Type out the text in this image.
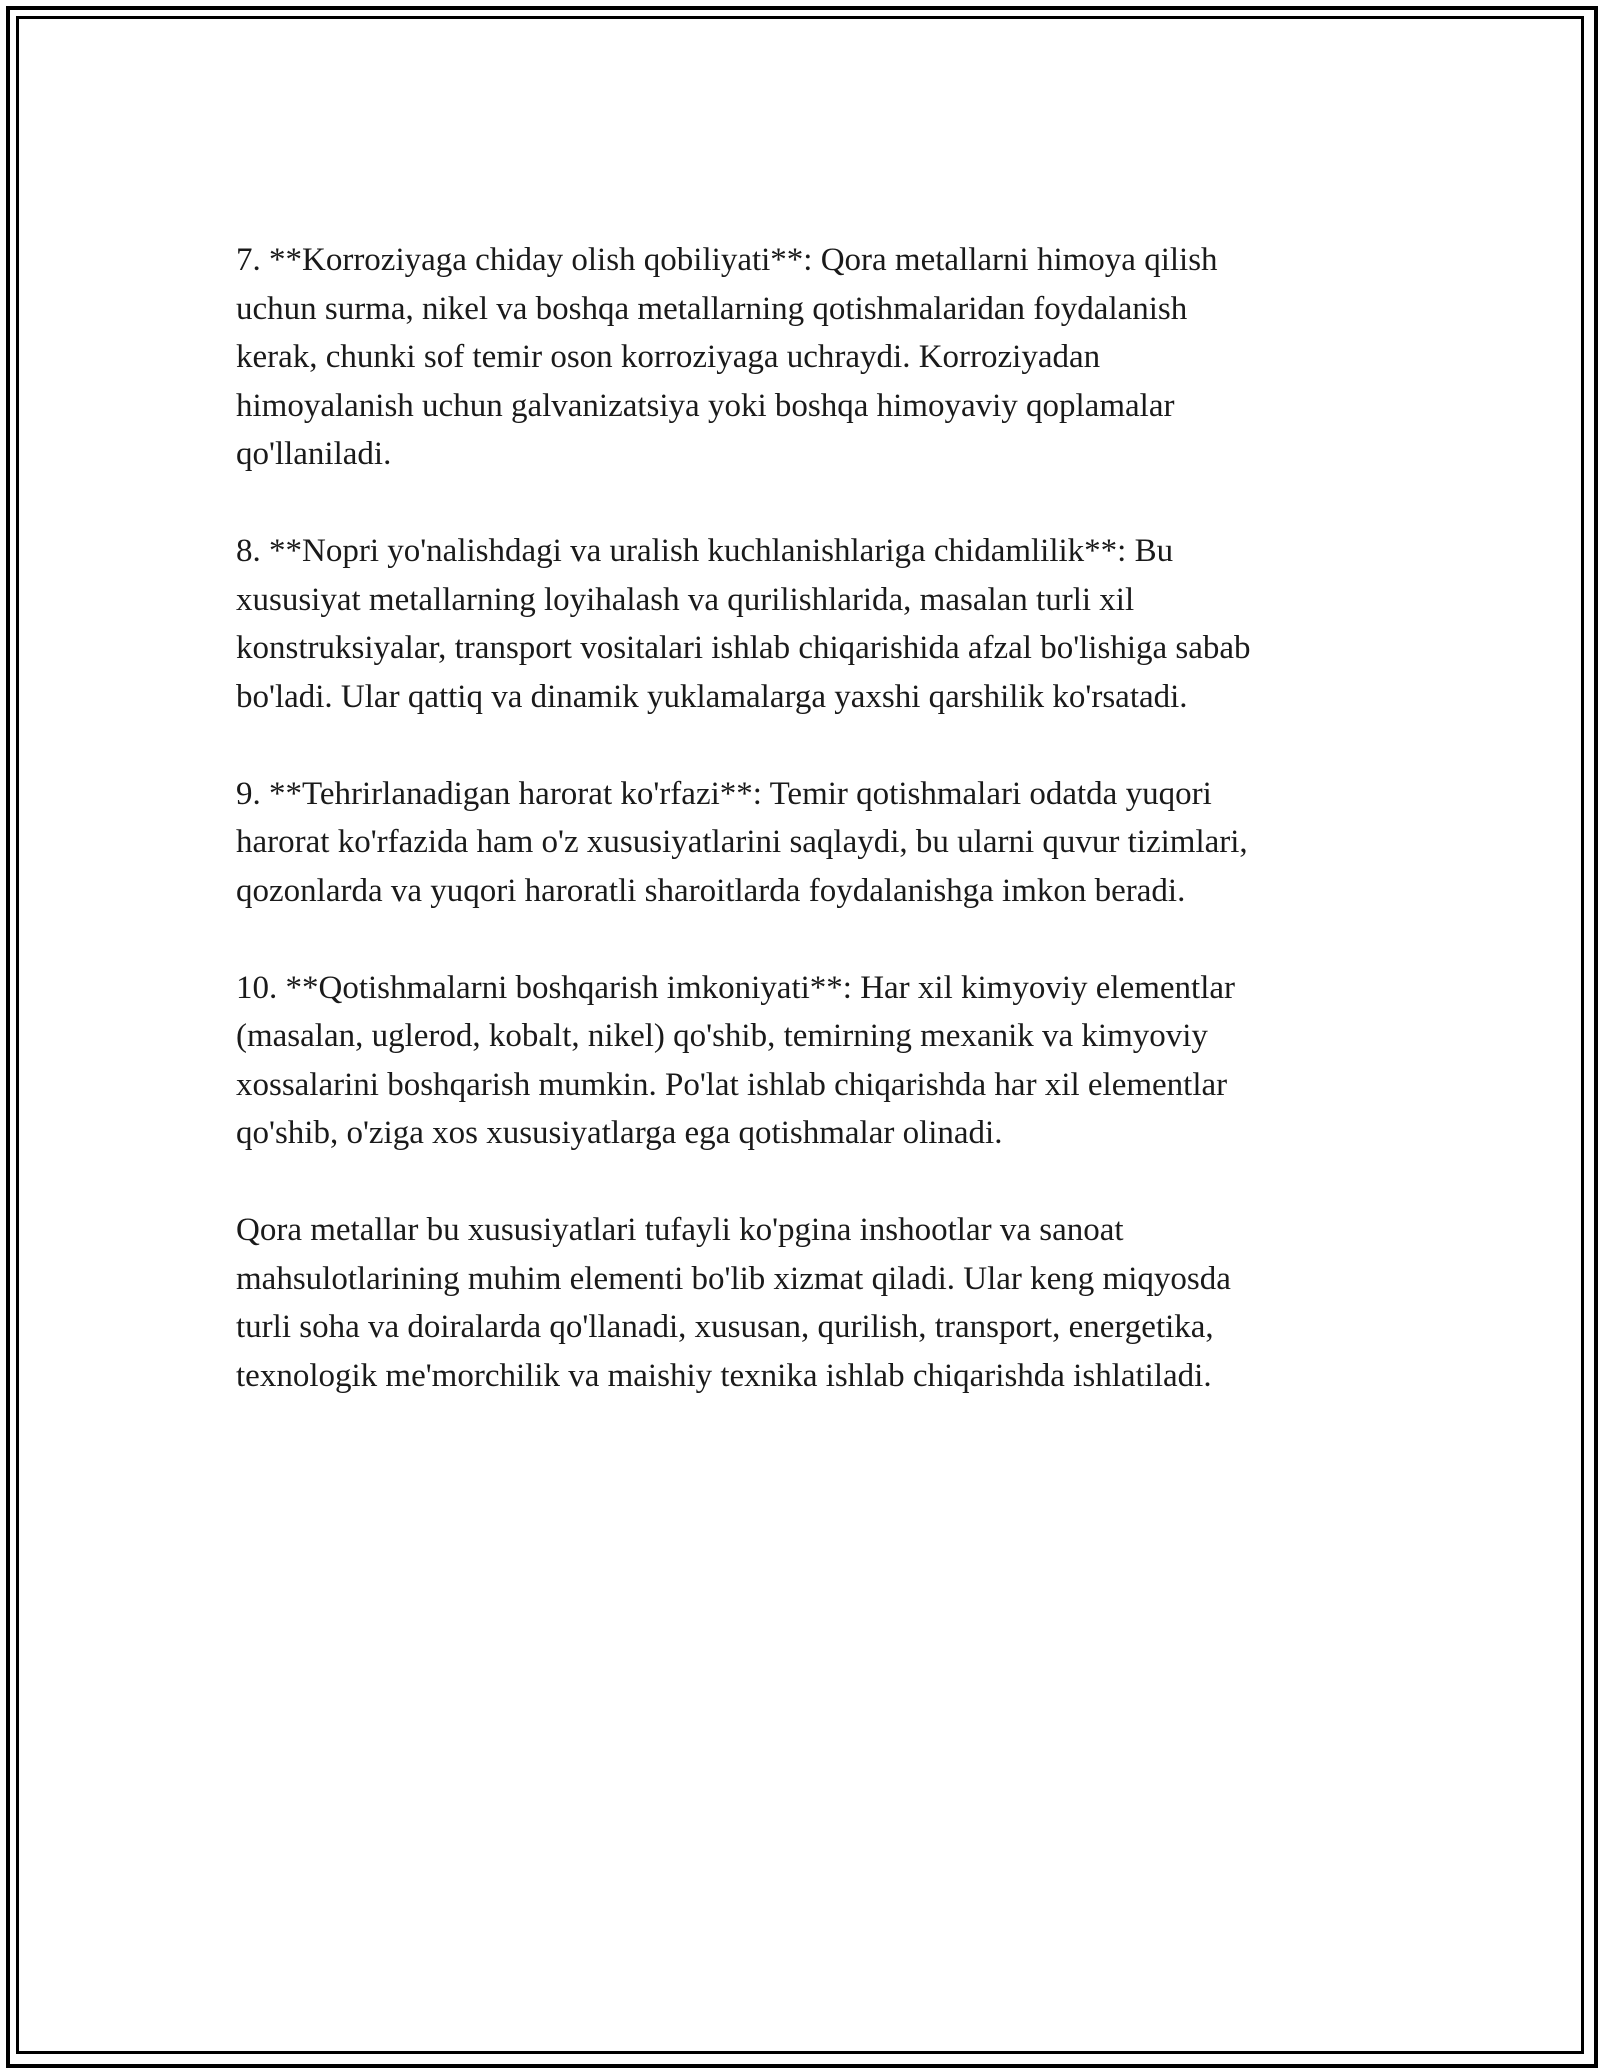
7. **Korroziyaga chiday olish qobiliyati**: Qora metallarni himoya qilish
uchun surma, nikel va boshqa metallarning qotishmalaridan foydalanish
kerak, chunki sof temir oson korroziyaga uchraydi. Korroziyadan
himoyalanish uchun galvanizatsiya yoki boshqa himoyaviy qoplamalar
qo'llaniladi.

8. **Nopri yo'nalishdagi va uralish kuchlanishlariga chidamlilik**: Bu
xususiyat metallarning loyihalash va qurilishlarida, masalan turli xil
konstruksiyalar, transport vositalari ishlab chiqarishida afzal bo'lishiga sabab
bo'ladi. Ular qattiq va dinamik yuklamalarga yaxshi qarshilik ko'rsatadi.

9. **Tehrirlanadigan harorat ko'rfazi**: Temir qotishmalari odatda yuqori
harorat ko'rfazida ham o'z xususiyatlarini saqlaydi, bu ularni quvur tizimlari,
qozonlarda va yuqori haroratli sharoitlarda foydalanishga imkon beradi.

10. **Qotishmalarni boshqarish imkoniyati**: Har xil kimyoviy elementlar
(masalan, uglerod, kobalt, nikel) qo'shib, temirning mexanik va kimyoviy
xossalarini boshqarish mumkin. Po'lat ishlab chiqarishda har xil elementlar
qo'shib, o'ziga xos xususiyatlarga ega qotishmalar olinadi.

Qora metallar bu xususiyatlari tufayli ko'pgina inshootlar va sanoat
mahsulotlarining muhim elementi bo'lib xizmat qiladi. Ular keng miqyosda
turli soha va doiralarda qo'llanadi, xususan, qurilish, transport, energetika,
texnologik me'morchilik va maishiy texnika ishlab chiqarishda ishlatiladi.
